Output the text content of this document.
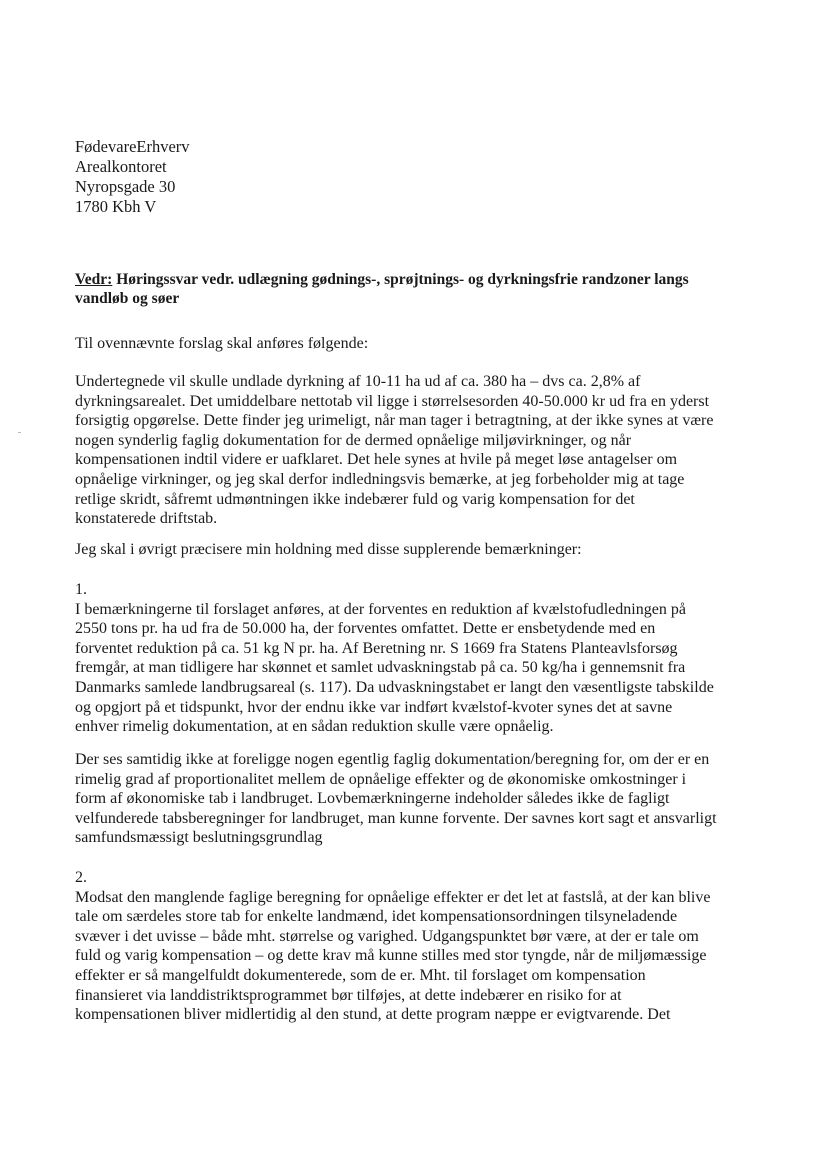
FødevareErhverv
Arealkontoret
Nyropsgade 30
1780 Kbh V
Vedr: Høringssvar vedr. udlægning gødnings-, sprøjtnings- og dyrkningsfrie randzoner langs
vandløb og søer
Til ovennævnte forslag skal anføres følgende:
Undertegnede vil skulle undlade dyrkning af 10-11 ha ud af ca. 380 ha – dvs ca. 2,8% af
dyrkningsarealet. Det umiddelbare nettotab vil ligge i størrelsesorden 40-50.000 kr ud fra en yderst
forsigtig opgørelse. Dette finder jeg urimeligt, når man tager i betragtning, at der ikke synes at være
nogen synderlig faglig dokumentation for de dermed opnåelige miljøvirkninger, og når
kompensationen indtil videre er uafklaret. Det hele synes at hvile på meget løse antagelser om
opnåelige virkninger, og jeg skal derfor indledningsvis bemærke, at jeg forbeholder mig at tage
retlige skridt, såfremt udmøntningen ikke indebærer fuld og varig kompensation for det
konstaterede driftstab.
Jeg skal i øvrigt præcisere min holdning med disse supplerende bemærkninger:
1.
I bemærkningerne til forslaget anføres, at der forventes en reduktion af kvælstofudledningen på
2550 tons pr. ha ud fra de 50.000 ha, der forventes omfattet. Dette er ensbetydende med en
forventet reduktion på ca. 51 kg N pr. ha. Af Beretning nr. S 1669 fra Statens Planteavlsforsøg
fremgår, at man tidligere har skønnet et samlet udvaskningstab på ca. 50 kg/ha i gennemsnit fra
Danmarks samlede landbrugsareal (s. 117). Da udvaskningstabet er langt den væsentligste tabskilde
og opgjort på et tidspunkt, hvor der endnu ikke var indført kvælstof-kvoter synes det at savne
enhver rimelig dokumentation, at en sådan reduktion skulle være opnåelig.
Der ses samtidig ikke at foreligge nogen egentlig faglig dokumentation/beregning for, om der er en
rimelig grad af proportionalitet mellem de opnåelige effekter og de økonomiske omkostninger i
form af økonomiske tab i landbruget. Lovbemærkningerne indeholder således ikke de fagligt
velfunderede tabsberegninger for landbruget, man kunne forvente. Der savnes kort sagt et ansvarligt
samfundsmæssigt beslutningsgrundlag
2.
Modsat den manglende faglige beregning for opnåelige effekter er det let at fastslå, at der kan blive
tale om særdeles store tab for enkelte landmænd, idet kompensationsordningen tilsyneladende
svæver i det uvisse – både mht. størrelse og varighed. Udgangspunktet bør være, at der er tale om
fuld og varig kompensation – og dette krav må kunne stilles med stor tyngde, når de miljømæssige
effekter er så mangelfuldt dokumenterede, som de er. Mht. til forslaget om kompensation
finansieret via landdistriktsprogrammet bør tilføjes, at dette indebærer en risiko for at
kompensationen bliver midlertidig al den stund, at dette program næppe er evigtvarende. Det
